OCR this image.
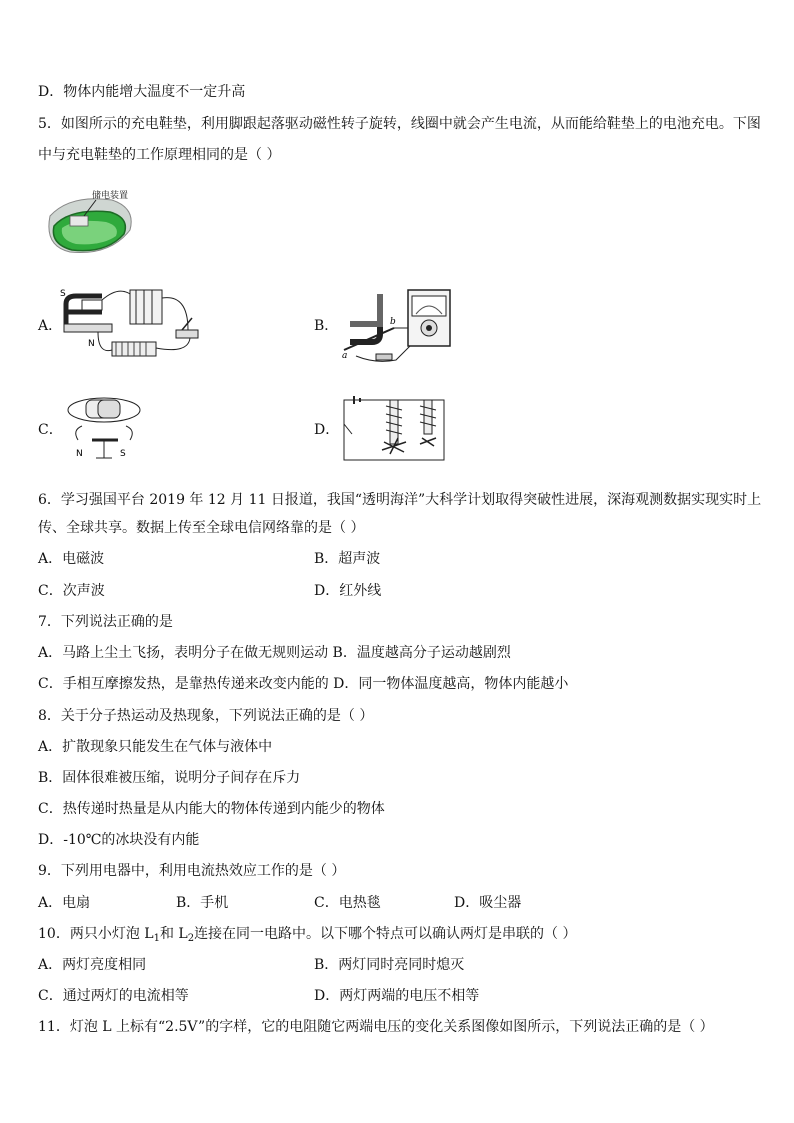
D．物体内能增大温度不一定升高
5．如图所示的充电鞋垫，利用脚跟起落驱动磁性转子旋转，线圈中就会产生电流，从而能给鞋垫上的电池充电。下图
中与充电鞋垫的工作原理相同的是（ ）
储电装置
A．
S
N
B．
a
b
C．
N	S
D．
6．学习强国平台 2019 年 12 月 11 日报道，我国“透明海洋”大科学计划取得突破性进展，深海观测数据实现实时上
传、全球共享。数据上传至全球电信网络靠的是（ ）
A．电磁波	B．超声波
C．次声波	D．红外线
7．下列说法正确的是
A．马路上尘土飞扬，表明分子在做无规则运动 B．温度越高分子运动越剧烈
C．手相互摩擦发热，是靠热传递来改变内能的 D．同一物体温度越高，物体内能越小
8．关于分子热运动及热现象，下列说法正确的是（ ）
A．扩散现象只能发生在气体与液体中
B．固体很难被压缩，说明分子间存在斥力
C．热传递时热量是从内能大的物体传递到内能少的物体
D．-10℃的冰块没有内能
9．下列用电器中，利用电流热效应工作的是（ ）
A．电扇	B．手机	C．电热毯	D．吸尘器
10．两只小灯泡 $L_1$和 $L_2$连接在同一电路中。以下哪个特点可以确认两灯是串联的（ ）
A．两灯亮度相同	B．两灯同时亮同时熄灭
C．通过两灯的电流相等	D．两灯两端的电压不相等
11．灯泡 L 上标有“2.5V”的字样，它的电阻随它两端电压的变化关系图像如图所示，下列说法正确的是（ ）
